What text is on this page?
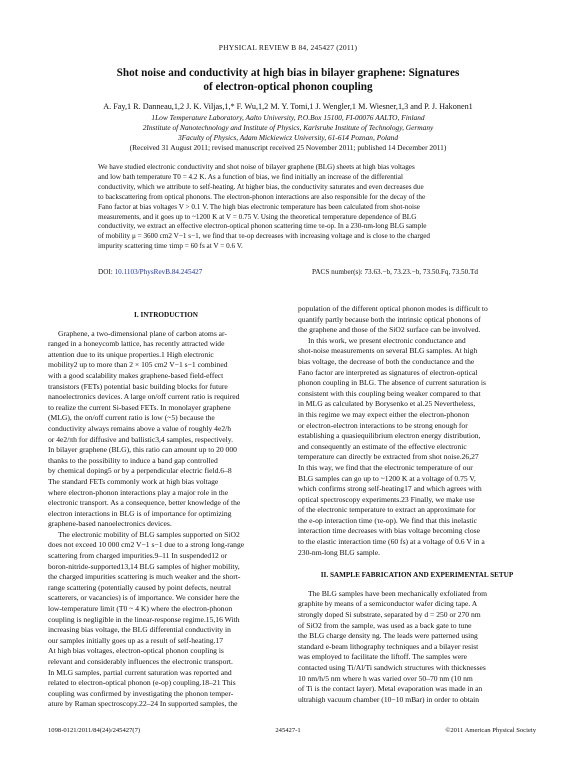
PHYSICAL REVIEW B 84, 245427 (2011)
Shot noise and conductivity at high bias in bilayer graphene: Signatures
of electron-optical phonon coupling
A. Fay,1 R. Danneau,1,2 J. K. Viljas,1,* F. Wu,1,2 M. Y. Tomi,1 J. Wengler,1 M. Wiesner,1,3 and P. J. Hakonen1
1Low Temperature Laboratory, Aalto University, P.O.Box 15100, FI-00076 AALTO, Finland
2Institute of Nanotechnology and Institute of Physics, Karlsruhe Institute of Technology, Germany
3Faculty of Physics, Adam Mickiewicz University, 61-614 Poznan, Poland
(Received 31 August 2011; revised manuscript received 25 November 2011; published 14 December 2011)
We have studied electronic conductivity and shot noise of bilayer graphene (BLG) sheets at high bias voltages
and low bath temperature T0 = 4.2 K. As a function of bias, we find initially an increase of the differential
conductivity, which we attribute to self-heating. At higher bias, the conductivity saturates and even decreases due
to backscattering from optical phonons. The electron-phonon interactions are also responsible for the decay of the
Fano factor at bias voltages V > 0.1 V. The high bias electronic temperature has been calculated from shot-noise
measurements, and it goes up to ~1200 K at V = 0.75 V. Using the theoretical temperature dependence of BLG
conductivity, we extract an effective electron-optical phonon scattering time τe-op. In a 230-nm-long BLG sample
of mobility μ = 3600 cm2 V−1 s−1, we find that τe-op decreases with increasing voltage and is close to the charged
impurity scattering time τimp = 60 fs at V = 0.6 V.
DOI: 10.1103/PhysRevB.84.245427	PACS number(s): 73.63.−b, 73.23.−b, 73.50.Fq, 73.50.Td
I. INTRODUCTION

Graphene, a two-dimensional plane of carbon atoms ar-
ranged in a honeycomb lattice, has recently attracted wide
attention due to its unique properties.1 High electronic
mobility2 up to more than 2 × 105 cm2 V−1 s−1 combined
with a good scalability makes graphene-based field-effect
transistors (FETs) potential basic building blocks for future
nanoelectronics devices. A large on/off current ratio is required
to realize the current Si-based FETs. In monolayer graphene
(MLG), the on/off current ratio is low (~5) because the
conductivity always remains above a value of roughly 4e2/h
or 4e2/πh for diffusive and ballistic3,4 samples, respectively.
In bilayer graphene (BLG), this ratio can amount up to 20 000
thanks to the possibility to induce a band gap controlled
by chemical doping5 or by a perpendicular electric field.6–8
The standard FETs commonly work at high bias voltage
where electron-phonon interactions play a major role in the
electronic transport. As a consequence, better knowledge of the
electron interactions in BLG is of importance for optimizing
graphene-based nanoelectronics devices.

The electronic mobility of BLG samples supported on SiO2
does not exceed 10 000 cm2 V−1 s−1 due to a strong long-range
scattering from charged impurities.9–11 In suspended12 or
boron-nitride-supported13,14 BLG samples of higher mobility,
the charged impurities scattering is much weaker and the short-
range scattering (potentially caused by point defects, neutral
scatterers, or vacancies) is of importance. We consider here the
low-temperature limit (T0 ~ 4 K) where the electron-phonon
coupling is negligible in the linear-response regime.15,16 With
increasing bias voltage, the BLG differential conductivity in
our samples initially goes up as a result of self-heating.17
At high bias voltages, electron-optical phonon coupling is
relevant and considerably influences the electronic transport.
In MLG samples, partial current saturation was reported and
related to electron-optical phonon (e-op) coupling.18–21 This
coupling was confirmed by investigating the phonon temper-
ature by Raman spectroscopy.22–24 In supported samples, the

population of the different optical phonon modes is difficult to
quantify partly because both the intrinsic optical phonons of
the graphene and those of the SiO2 surface can be involved.

In this work, we present electronic conductance and
shot-noise measurements on several BLG samples. At high
bias voltage, the decrease of both the conductance and the
Fano factor are interpreted as signatures of electron-optical
phonon coupling in BLG. The absence of current saturation is
consistent with this coupling being weaker compared to that
in MLG as calculated by Borysenko et al.25 Nevertheless,
in this regime we may expect either the electron-phonon
or electron-electron interactions to be strong enough for
establishing a quasiequilibrium electron energy distribution,
and consequently an estimate of the effective electronic
temperature can directly be extracted from shot noise.26,27
In this way, we find that the electronic temperature of our
BLG samples can go up to ~1200 K at a voltage of 0.75 V,
which confirms strong self-heating17 and which agrees with
optical spectroscopy experiments.23 Finally, we make use
of the electronic temperature to extract an approximate for
the e-op interaction time (τe-op). We find that this inelastic
interaction time decreases with bias voltage becoming close
to the elastic interaction time (60 fs) at a voltage of 0.6 V in a
230-nm-long BLG sample.

II. SAMPLE FABRICATION AND EXPERIMENTAL SETUP

The BLG samples have been mechanically exfoliated from
graphite by means of a semiconductor wafer dicing tape. A
strongly doped Si substrate, separated by d = 250 or 270 nm
of SiO2 from the sample, was used as a back gate to tune
the BLG charge density ng. The leads were patterned using
standard e-beam lithography techniques and a bilayer resist
was employed to facilitate the liftoff. The samples were
contacted using Ti/Al/Ti sandwich structures with thicknesses
10 nm/h/5 nm where h was varied over 50–70 nm (10 nm
of Ti is the contact layer). Metal evaporation was made in an
ultrahigh vacuum chamber (10−10 mBar) in order to obtain

1098-0121/2011/84(24)/245427(7)	245427-1	©2011 American Physical Society
